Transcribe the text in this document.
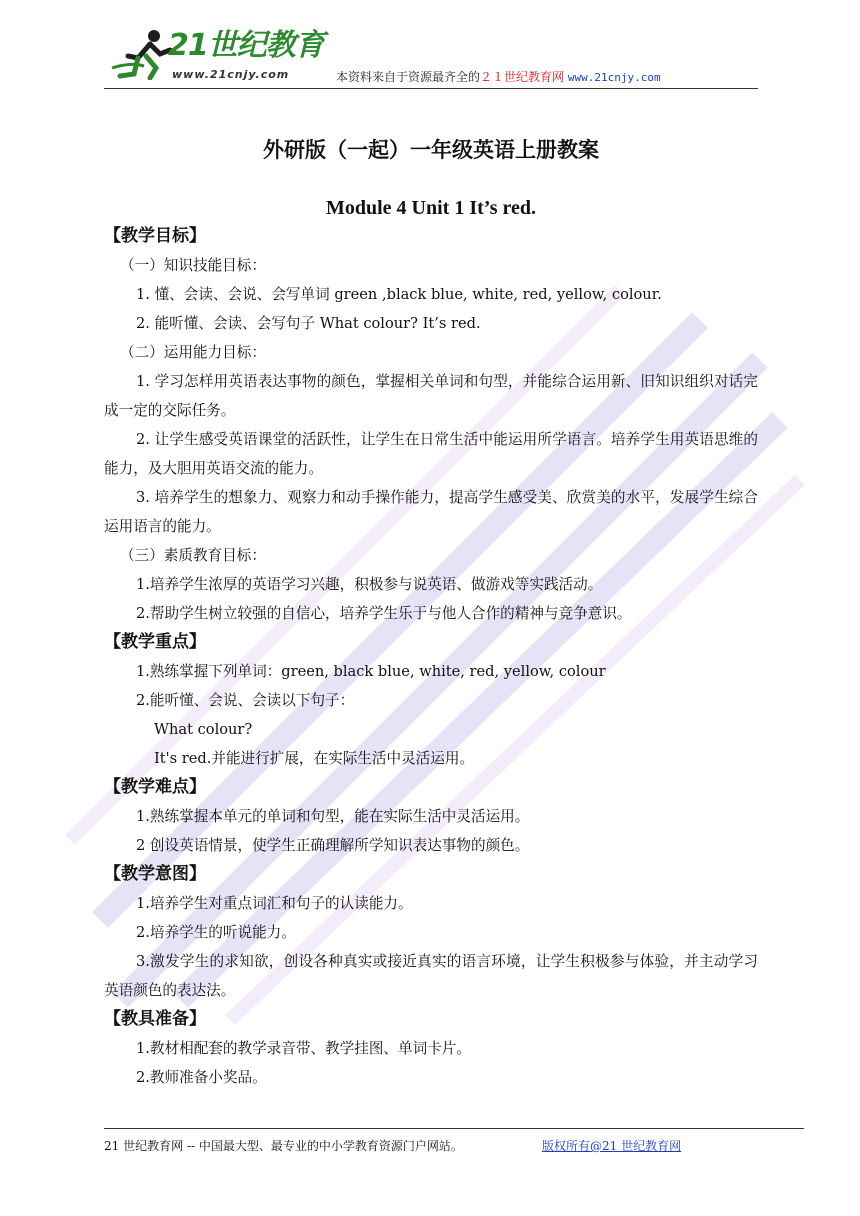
21世纪教育
www.21cnjy.com	本资料来自于资源最齐全的２１世纪教育网 www.21cnjy.com
外研版（一起）一年级英语上册教案
Module 4 Unit 1 It’s red.
【教学目标】
（一）知识技能目标：
1. 懂、会读、会说、会写单词 green ,black blue, white, red, yellow, colour.
2. 能听懂、会读、会写句子 What colour? It’s red.
（二）运用能力目标：
1. 学习怎样用英语表达事物的颜色，掌握相关单词和句型，并能综合运用新、旧知识组织对话完成一定的交际任务。
2. 让学生感受英语课堂的活跃性，让学生在日常生活中能运用所学语言。培养学生用英语思维的能力，及大胆用英语交流的能力。
3. 培养学生的想象力、观察力和动手操作能力，提高学生感受美、欣赏美的水平，发展学生综合运用语言的能力。
（三）素质教育目标：
1.培养学生浓厚的英语学习兴趣，积极参与说英语、做游戏等实践活动。
2.帮助学生树立较强的自信心，培养学生乐于与他人合作的精神与竞争意识。
【教学重点】
1.熟练掌握下列单词：green, black blue, white, red, yellow, colour
2.能听懂、会说、会读以下句子：
What colour?
It's red.并能进行扩展，在实际生活中灵活运用。
【教学难点】
1.熟练掌握本单元的单词和句型，能在实际生活中灵活运用。
2 创设英语情景，使学生正确理解所学知识表达事物的颜色。
【教学意图】
1.培养学生对重点词汇和句子的认读能力。
2.培养学生的听说能力。
3.激发学生的求知欲，创设各种真实或接近真实的语言环境，让学生积极参与体验，并主动学习英语颜色的表达法。
【教具准备】
1.教材相配套的教学录音带、教学挂图、单词卡片。
2.教师准备小奖品。
21 世纪教育网 -- 中国最大型、最专业的中小学教育资源门户网站。	版权所有@21 世纪教育网
